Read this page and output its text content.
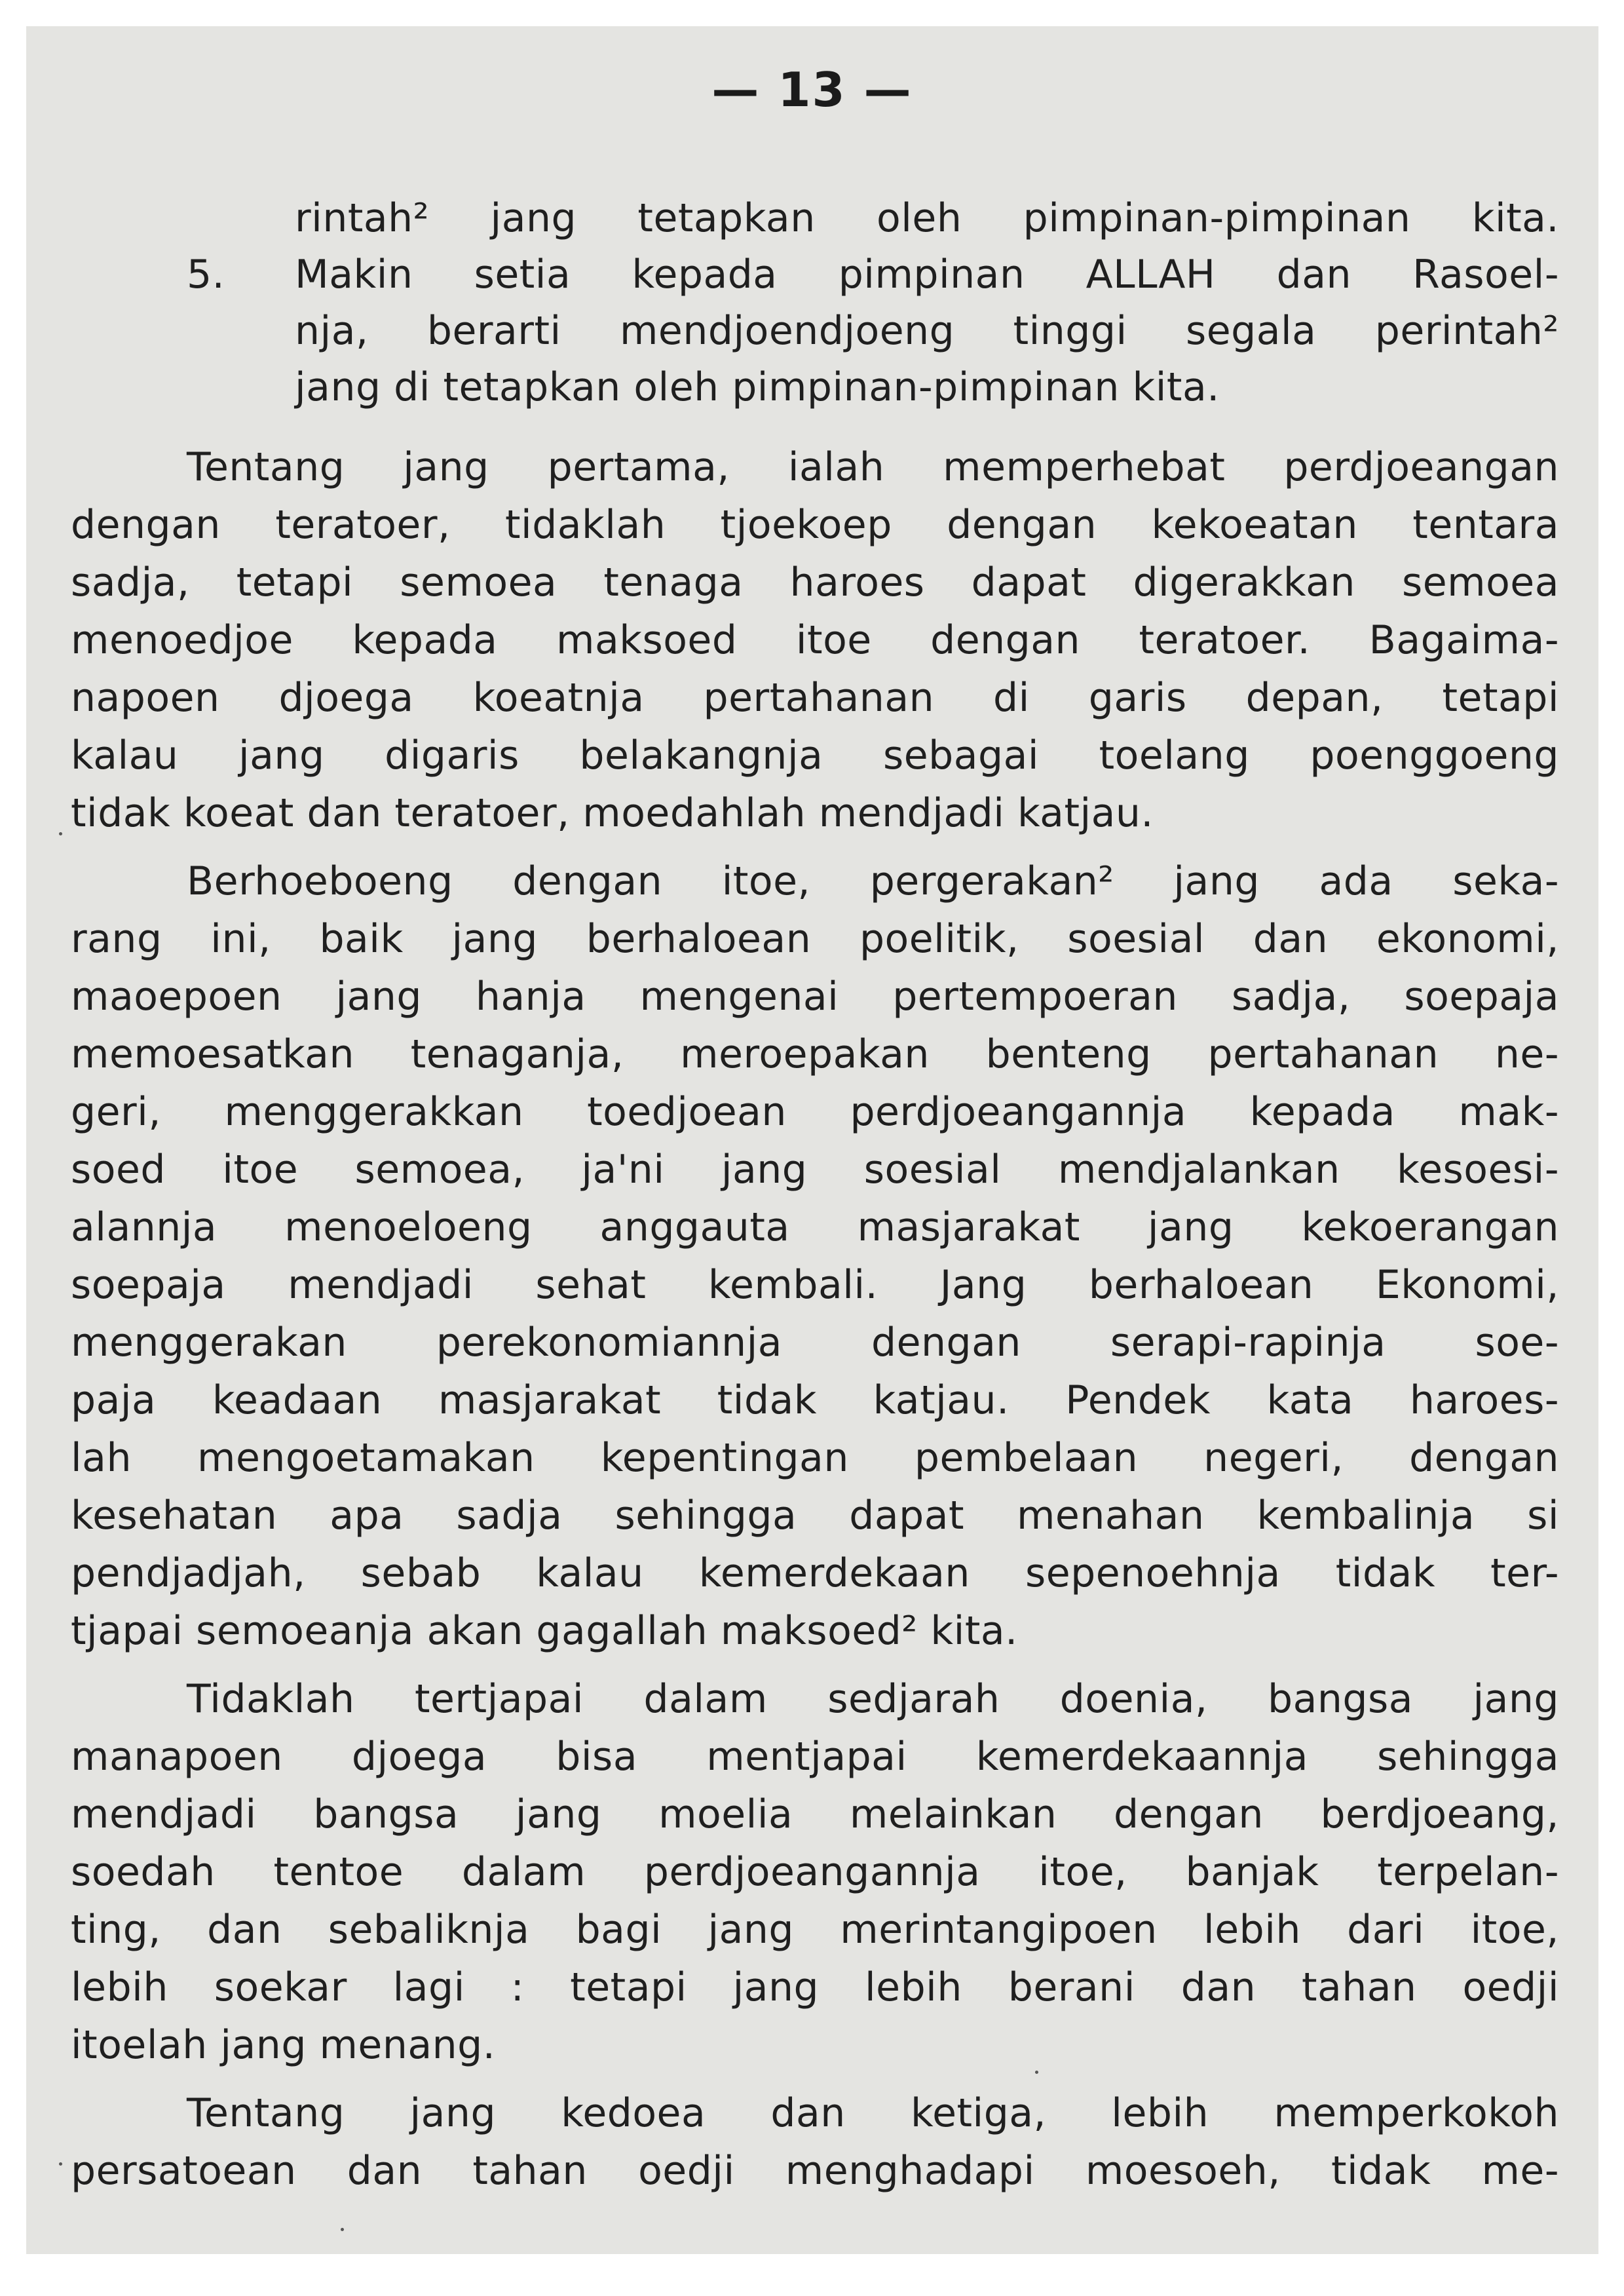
— 13 —
rintah² jang tetapkan oleh pimpinan-pimpinan kita.
5. Makin setia kepada pimpinan ALLAH dan Rasoel-
nja, berarti mendjoendjoeng tinggi segala perintah²
jang di tetapkan oleh pimpinan-pimpinan kita.
Tentang jang pertama, ialah memperhebat perdjoeangan
dengan teratoer, tidaklah tjoekoep dengan kekoeatan tentara
sadja, tetapi semoea tenaga haroes dapat digerakkan semoea
menoedjoe kepada maksoed itoe dengan teratoer. Bagaima-
napoen djoega koeatnja pertahanan di garis depan, tetapi
kalau jang digaris belakangnja sebagai toelang poenggoeng
tidak koeat dan teratoer, moedahlah mendjadi katjau.
Berhoeboeng dengan itoe, pergerakan² jang ada seka-
rang ini, baik jang berhaloean poelitik, soesial dan ekonomi,
maoepoen jang hanja mengenai pertempoeran sadja, soepaja
memoesatkan tenaganja, meroepakan benteng pertahanan ne-
geri, menggerakkan toedjoean perdjoeangannja kepada mak-
soed itoe semoea, ja'ni jang soesial mendjalankan kesoesi-
alannja menoeloeng anggauta masjarakat jang kekoerangan
soepaja mendjadi sehat kembali. Jang berhaloean Ekonomi,
menggerakan perekonomiannja dengan serapi-rapinja soe-
paja keadaan masjarakat tidak katjau. Pendek kata haroes-
lah mengoetamakan kepentingan pembelaan negeri, dengan
kesehatan apa sadja sehingga dapat menahan kembalinja si
pendjadjah, sebab kalau kemerdekaan sepenoehnja tidak ter-
tjapai semoeanja akan gagallah maksoed² kita.
Tidaklah tertjapai dalam sedjarah doenia, bangsa jang
manapoen djoega bisa mentjapai kemerdekaannja sehingga
mendjadi bangsa jang moelia melainkan dengan berdjoeang,
soedah tentoe dalam perdjoeangannja itoe, banjak terpelan-
ting, dan sebaliknja bagi jang merintangipoen lebih dari itoe,
lebih soekar lagi : tetapi jang lebih berani dan tahan oedji
itoelah jang menang.
Tentang jang kedoea dan ketiga, lebih memperkokoh
persatoean dan tahan oedji menghadapi moesoeh, tidak me-
